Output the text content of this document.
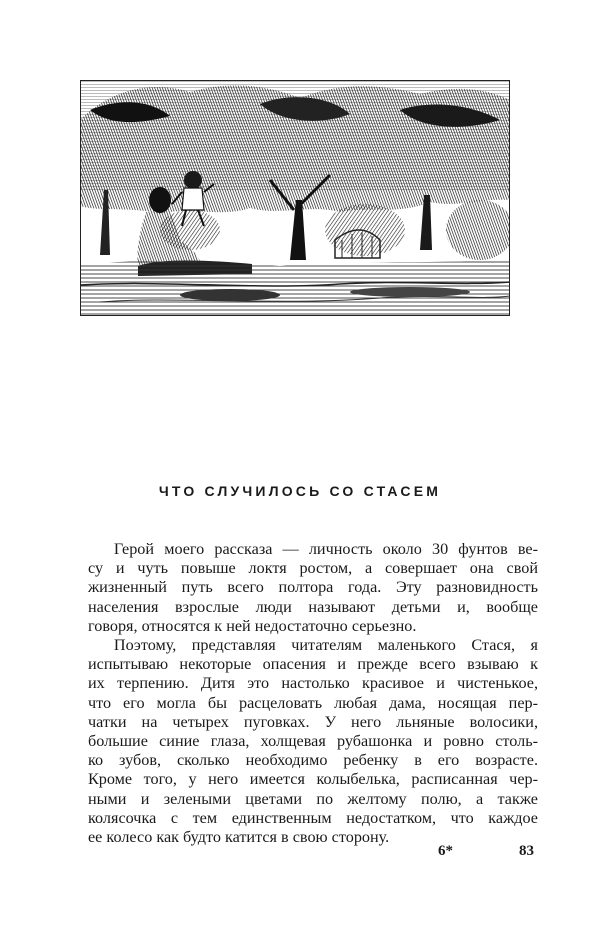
ЧТО СЛУЧИЛОСЬ СО СТАСЕМ
Герой моего рассказа — личность около 30 фунтов ве-
су и чуть повыше локтя ростом, а совершает она свой
жизненный путь всего полтора года. Эту разновидность
населения взрослые люди называют детьми и, вообще
говоря, относятся к ней недостаточно серьезно.
Поэтому, представляя читателям маленького Стася, я
испытываю некоторые опасения и прежде всего взываю к
их терпению. Дитя это настолько красивое и чистенькое,
что его могла бы расцеловать любая дама, носящая пер-
чатки на четырех пуговках. У него льняные волосики,
большие синие глаза, холщевая рубашонка и ровно столь-
ко зубов, сколько необходимо ребенку в его возрасте.
Кроме того, у него имеется колыбелька, расписанная чер-
ными и зелеными цветами по желтому полю, а также
колясочка с тем единственным недостатком, что каждое
ее колесо как будто катится в свою сторону.
6*	83
